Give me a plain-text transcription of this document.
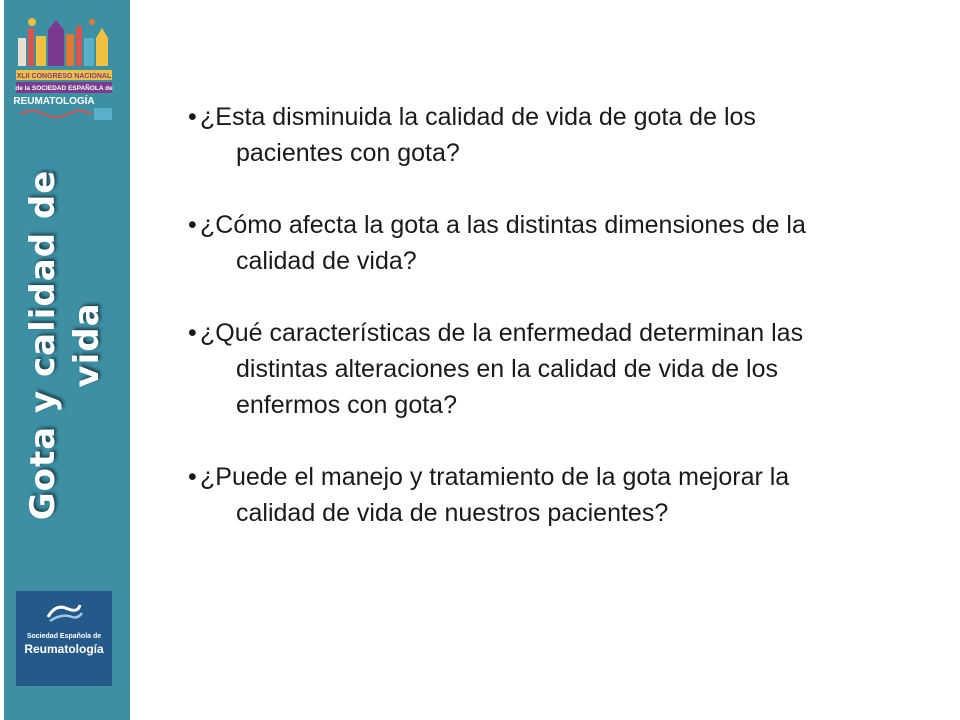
XLII CONGRESO NACIONAL
de la SOCIEDAD ESPAÑOLA de
REUMATOLOGÍA
Gota y calidad de vida
Sociedad Española de
Reumatología
• ¿Esta disminuida la calidad de vida de gota de los
pacientes con gota?
• ¿Cómo afecta la gota a las distintas dimensiones de la
calidad de vida?
• ¿Qué características de la enfermedad determinan las
distintas alteraciones en la calidad de vida de los
enfermos con gota?
• ¿Puede el manejo y tratamiento de la gota mejorar la
calidad de vida de nuestros pacientes?
